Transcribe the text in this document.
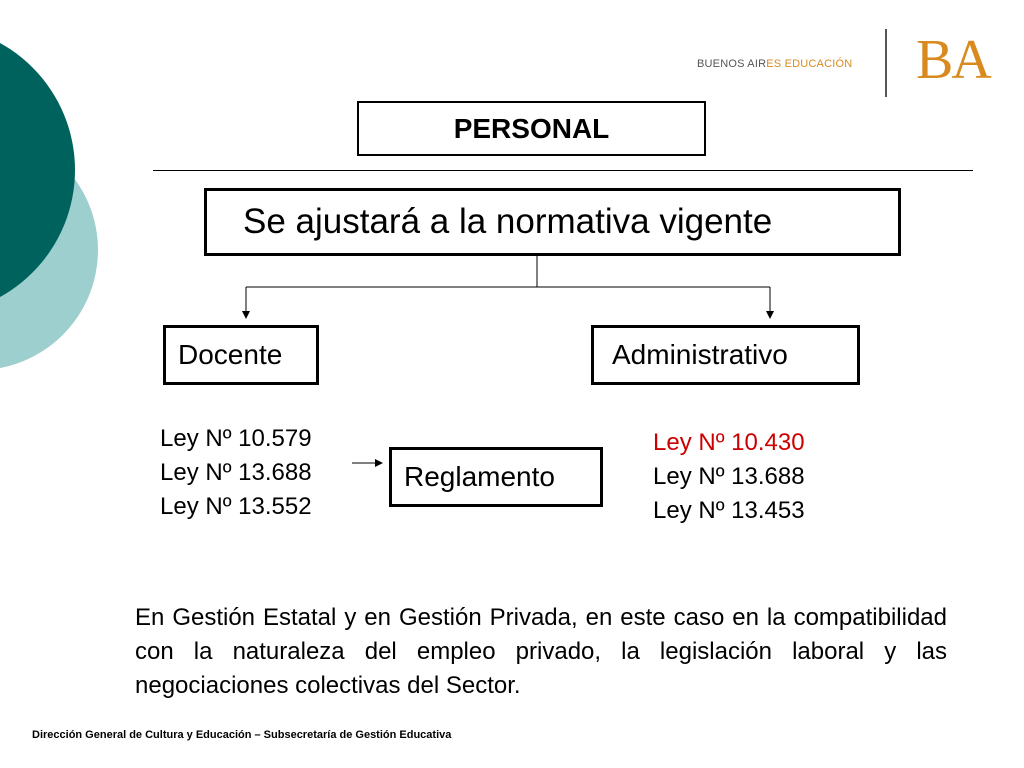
BUENOS AIRES EDUCACIÓN BA
PERSONAL
Se ajustará a la normativa vigente
Docente	Administrativo
Ley Nº 10.579
Ley Nº 13.688
Ley Nº 13.552
Reglamento
Ley Nº 10.430
Ley Nº 13.688
Ley Nº 13.453
En Gestión Estatal y en Gestión Privada, en este caso en la compatibilidad con la naturaleza del empleo privado, la legislación laboral y las negociaciones colectivas del Sector.
Dirección General de Cultura y Educación – Subsecretaría de Gestión Educativa
